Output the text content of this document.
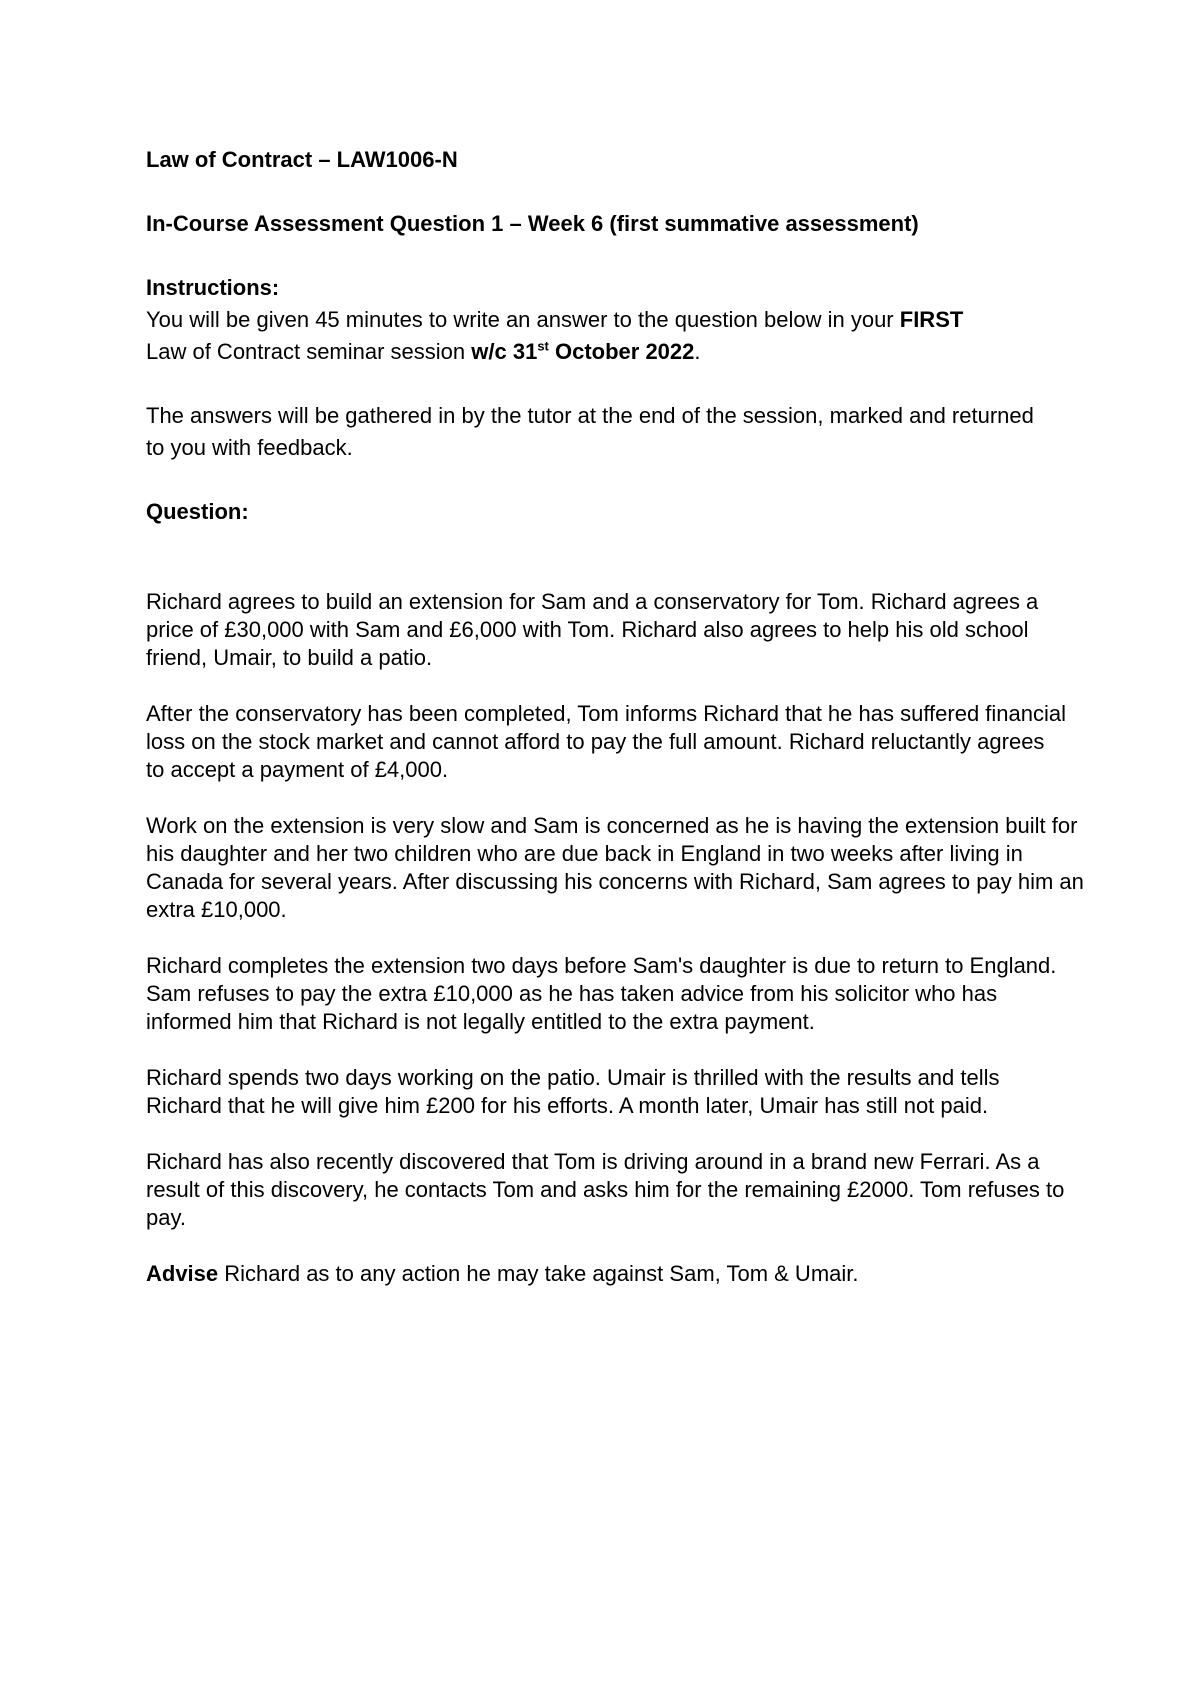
Law of Contract – LAW1006-N

In-Course Assessment Question 1 – Week 6 (first summative assessment)

Instructions:

You will be given 45 minutes to write an answer to the question below in your FIRST
Law of Contract seminar session w/c 31st October 2022.

The answers will be gathered in by the tutor at the end of the session, marked and returned to you with feedback.

Question:

Richard agrees to build an extension for Sam and a conservatory for Tom. Richard agrees a price of £30,000 with Sam and £6,000 with Tom. Richard also agrees to help his old school friend, Umair, to build a patio.

After the conservatory has been completed, Tom informs Richard that he has suffered financial loss on the stock market and cannot afford to pay the full amount. Richard reluctantly agrees to accept a payment of £4,000.

Work on the extension is very slow and Sam is concerned as he is having the extension built for his daughter and her two children who are due back in England in two weeks after living in Canada for several years. After discussing his concerns with Richard, Sam agrees to pay him an extra £10,000.

Richard completes the extension two days before Sam's daughter is due to return to England. Sam refuses to pay the extra £10,000 as he has taken advice from his solicitor who has informed him that Richard is not legally entitled to the extra payment.

Richard spends two days working on the patio. Umair is thrilled with the results and tells Richard that he will give him £200 for his efforts. A month later, Umair has still not paid.

Richard has also recently discovered that Tom is driving around in a brand new Ferrari. As a result of this discovery, he contacts Tom and asks him for the remaining £2000. Tom refuses to pay.

Advise Richard as to any action he may take against Sam, Tom & Umair.
